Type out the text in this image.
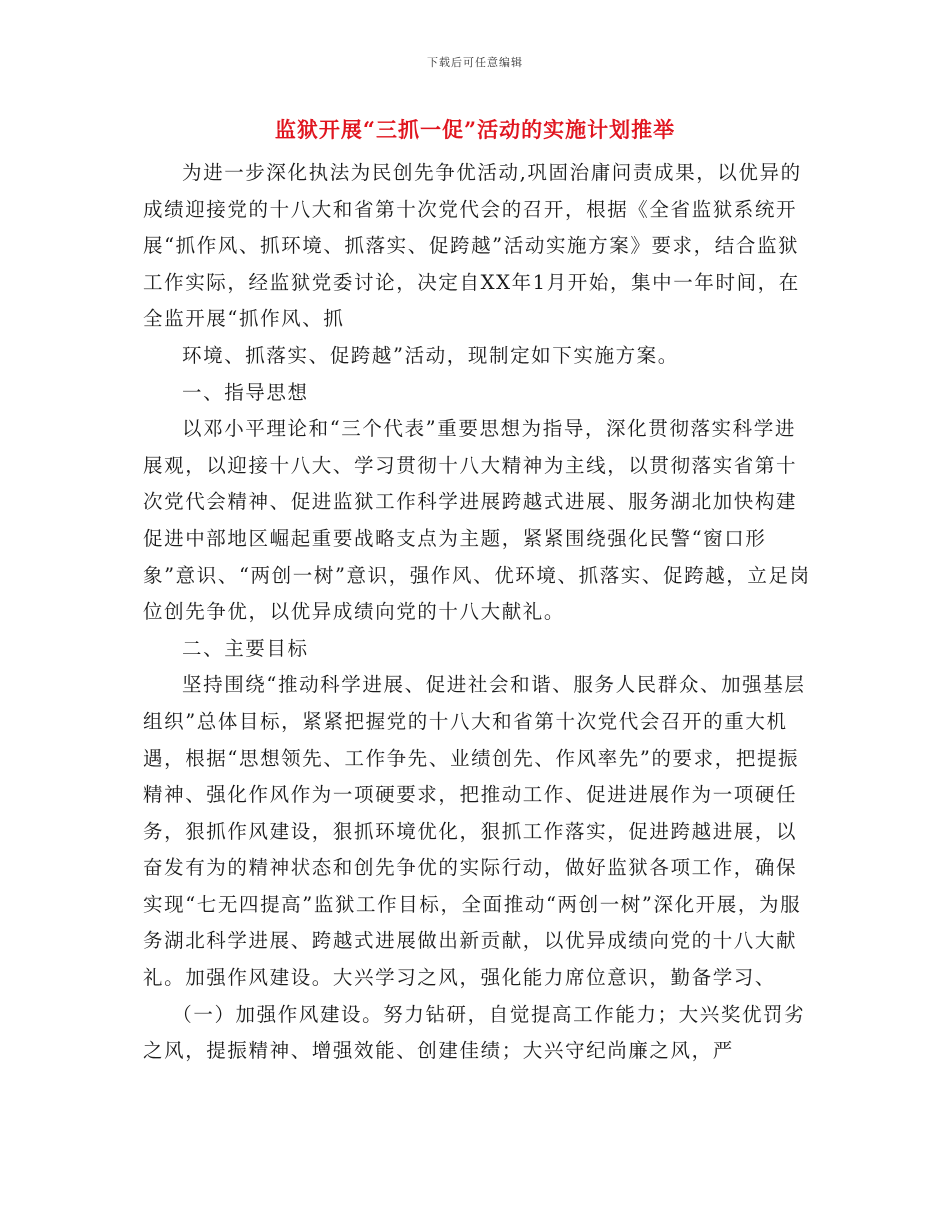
下载后可任意编辑
监狱开展“三抓一促”活动的实施计划推举

为进一步深化执法为民创先争优活动,巩固治庸问责成果，以优异的成绩迎接党的十八大和省第十次党代会的召开，根据《全省监狱系统开展“抓作风、抓环境、抓落实、促跨越”活动实施方案》要求，结合监狱工作实际，经监狱党委讨论，决定自XX年1月开始，集中一年时间，在全监开展“抓作风、抓

环境、抓落实、促跨越”活动，现制定如下实施方案。

一、指导思想

以邓小平理论和“三个代表”重要思想为指导，深化贯彻落实科学进展观，以迎接十八大、学习贯彻十八大精神为主线，以贯彻落实省第十次党代会精神、促进监狱工作科学进展跨越式进展、服务湖北加快构建促进中部地区崛起重要战略支点为主题，紧紧围绕强化民警“窗口形象”意识、“两创一树”意识，强作风、优环境、抓落实、促跨越，立足岗位创先争优，以优异成绩向党的十八大献礼。

二、主要目标

坚持围绕“推动科学进展、促进社会和谐、服务人民群众、加强基层组织”总体目标，紧紧把握党的十八大和省第十次党代会召开的重大机遇，根据“思想领先、工作争先、业绩创先、作风率先”的要求，把提振精神、强化作风作为一项硬要求，把推动工作、促进进展作为一项硬任务，狠抓作风建设，狠抓环境优化，狠抓工作落实，促进跨越进展，以奋发有为的精神状态和创先争优的实际行动，做好监狱各项工作，确保实现“七无四提高”监狱工作目标，全面推动“两创一树”深化开展，为服务湖北科学进展、跨越式进展做出新贡献，以优异成绩向党的十八大献礼。加强作风建设。大兴学习之风，强化能力席位意识，勤备学习、

（一）加强作风建设。努力钻研，自觉提高工作能力；大兴奖优罚劣之风，提振精神、增强效能、创建佳绩；大兴守纪尚廉之风，严
